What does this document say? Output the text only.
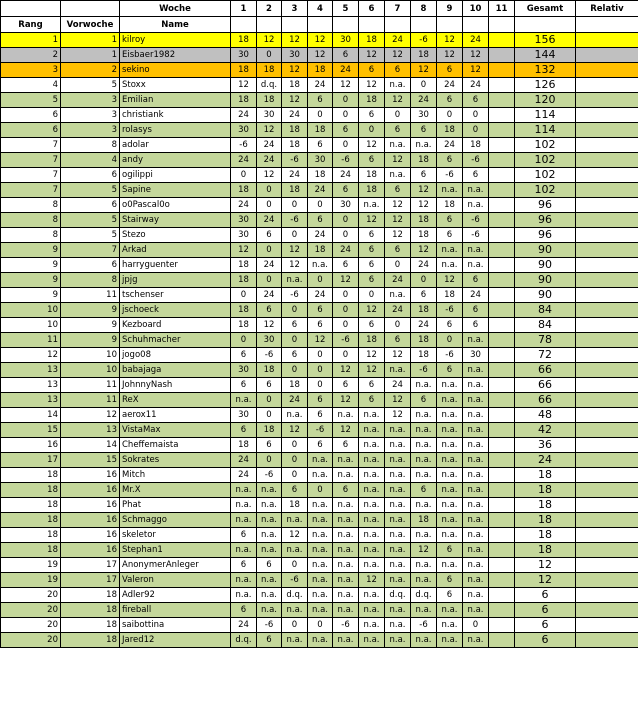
		Woche	1	2	3	4	5	6	7	8	9	10	11	Gesamt	Relativ
Rang	Vorwoche	Name													
1	1	kilroy	18	12	12	12	30	18	24	-6	12	24		156	
2	1	Eisbaer1982	30	0	30	12	6	12	12	18	12	12		144	
3	2	sekino	18	18	12	18	24	6	6	12	6	12		132	
4	5	Stoxx	12	d.q.	18	24	12	12	n.a.	0	24	24		126	
5	3	Emilian	18	18	12	6	0	18	12	24	6	6		120	
6	3	christiank	24	30	24	0	0	6	0	30	0	0		114	
6	3	rolasys	30	12	18	18	6	0	6	6	18	0		114	
7	8	adolar	-6	24	18	6	0	12	n.a.	n.a.	24	18		102	
7	4	andy	24	24	-6	30	-6	6	12	18	6	-6		102	
7	6	ogilippi	0	12	24	18	24	18	n.a.	6	-6	6		102	
7	5	Sapine	18	0	18	24	6	18	6	12	n.a.	n.a.		102	
8	6	o0Pascal0o	24	0	0	0	30	n.a.	12	12	18	n.a.		96	
8	5	Stairway	30	24	-6	6	0	12	12	18	6	-6		96	
8	5	Stezo	30	6	0	24	0	6	12	18	6	-6		96	
9	7	Arkad	12	0	12	18	24	6	6	12	n.a.	n.a.		90	
9	6	harryguenter	18	24	12	n.a.	6	6	0	24	n.a.	n.a.		90	
9	8	jpjg	18	0	n.a.	0	12	6	24	0	12	6		90	
9	11	tschenser	0	24	-6	24	0	0	n.a.	6	18	24		90	
10	9	jschoeck	18	6	0	6	0	12	24	18	-6	6		84	
10	9	Kezboard	18	12	6	6	0	6	0	24	6	6		84	
11	9	Schuhmacher	0	30	0	12	-6	18	6	18	0	n.a.		78	
12	10	jogo08	6	-6	6	0	0	12	12	18	-6	30		72	
13	10	babajaga	30	18	0	0	12	12	n.a.	-6	6	n.a.		66	
13	11	JohnnyNash	6	6	18	0	6	6	24	n.a.	n.a.	n.a.		66	
13	11	ReX	n.a.	0	24	6	12	6	12	6	n.a.	n.a.		66	
14	12	aerox11	30	0	n.a.	6	n.a.	n.a.	12	n.a.	n.a.	n.a.		48	
15	13	VistaMax	6	18	12	-6	12	n.a.	n.a.	n.a.	n.a.	n.a.		42	
16	14	Cheffemaista	18	6	0	6	6	n.a.	n.a.	n.a.	n.a.	n.a.		36	
17	15	Sokrates	24	0	0	n.a.	n.a.	n.a.	n.a.	n.a.	n.a.	n.a.		24	
18	16	Mitch	24	-6	0	n.a.	n.a.	n.a.	n.a.	n.a.	n.a.	n.a.		18	
18	16	Mr.X	n.a.	n.a.	6	0	6	n.a.	n.a.	6	n.a.	n.a.		18	
18	16	Phat	n.a.	n.a.	18	n.a.	n.a.	n.a.	n.a.	n.a.	n.a.	n.a.		18	
18	16	Schmaggo	n.a.	n.a.	n.a.	n.a.	n.a.	n.a.	n.a.	18	n.a.	n.a.		18	
18	16	skeletor	6	n.a.	12	n.a.	n.a.	n.a.	n.a.	n.a.	n.a.	n.a.		18	
18	16	Stephan1	n.a.	n.a.	n.a.	n.a.	n.a.	n.a.	n.a.	12	6	n.a.		18	
19	17	AnonymerAnleger	6	6	0	n.a.	n.a.	n.a.	n.a.	n.a.	n.a.	n.a.		12	
19	17	Valeron	n.a.	n.a.	-6	n.a.	n.a.	12	n.a.	n.a.	6	n.a.		12	
20	18	Adler92	n.a.	n.a.	d.q.	n.a.	n.a.	n.a.	d.q.	d.q.	6	n.a.		6	
20	18	fireball	6	n.a.	n.a.	n.a.	n.a.	n.a.	n.a.	n.a.	n.a.	n.a.		6	
20	18	saibottina	24	-6	0	0	-6	n.a.	n.a.	-6	n.a.	0		6	
20	18	Jared12	d.q.	6	n.a.	n.a.	n.a.	n.a.	n.a.	n.a.	n.a.	n.a.		6	
